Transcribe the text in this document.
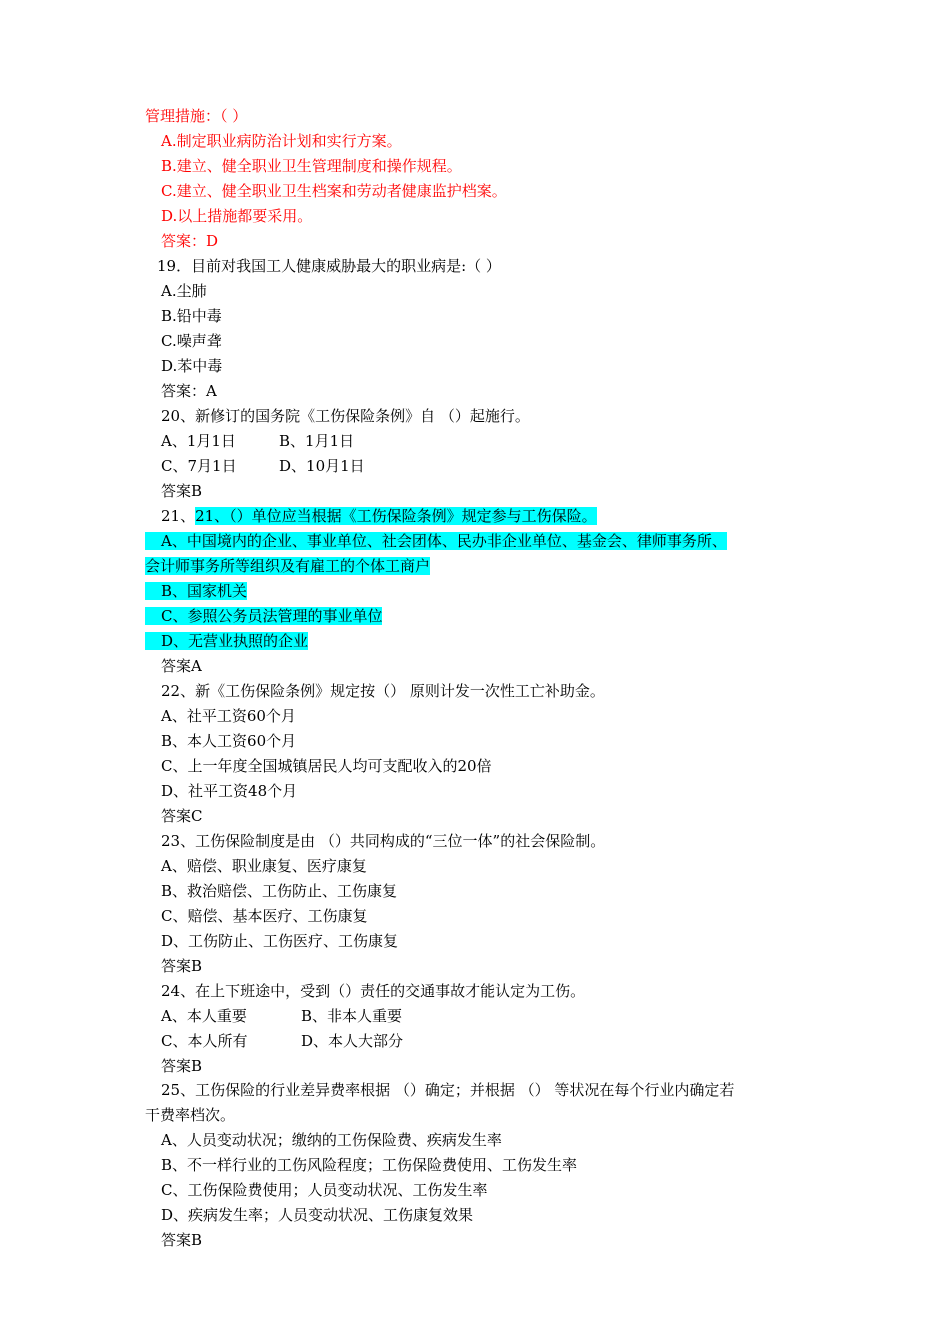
管理措施：（ ）
A.制定职业病防治计划和实行方案。
B.建立、健全职业卫生管理制度和操作规程。
C.建立、健全职业卫生档案和劳动者健康监护档案。
D.以上措施都要采用。
答案：D
19．目前对我国工人健康威胁最大的职业病是:（ ）
A.尘肺
B.铅中毒
C.噪声聋
D.苯中毒
答案：A
20、新修订的国务院《工伤保险条例》自 （）起施行。
A、1月1日	B、1月1日
C、7月1日	D、10月1日
答案B
21、21、（）单位应当根据《工伤保险条例》规定参与工伤保险。
A、中国境内的企业、事业单位、社会团体、民办非企业单位、基金会、律师事务所、
会计师事务所等组织及有雇工的个体工商户
B、国家机关
C、参照公务员法管理的事业单位
D、无营业执照的企业
答案A
22、新《工伤保险条例》规定按（） 原则计发一次性工亡补助金。
A、社平工资60个月
B、本人工资60个月
C、上一年度全国城镇居民人均可支配收入的20倍
D、社平工资48个月
答案C
23、工伤保险制度是由 （）共同构成的“三位一体”的社会保险制。
A、赔偿、职业康复、医疗康复
B、救治赔偿、工伤防止、工伤康复
C、赔偿、基本医疗、工伤康复
D、工伤防止、工伤医疗、工伤康复
答案B
24、在上下班途中，受到（）责任的交通事故才能认定为工伤。
A、本人重要	B、非本人重要
C、本人所有	D、本人大部分
答案B
25、工伤保险的行业差异费率根据 （）确定；并根据 （） 等状况在每个行业内确定若
干费率档次。
A、人员变动状况；缴纳的工伤保险费、疾病发生率
B、不一样行业的工伤风险程度；工伤保险费使用、工伤发生率
C、工伤保险费使用；人员变动状况、工伤发生率
D、疾病发生率；人员变动状况、工伤康复效果
答案B
